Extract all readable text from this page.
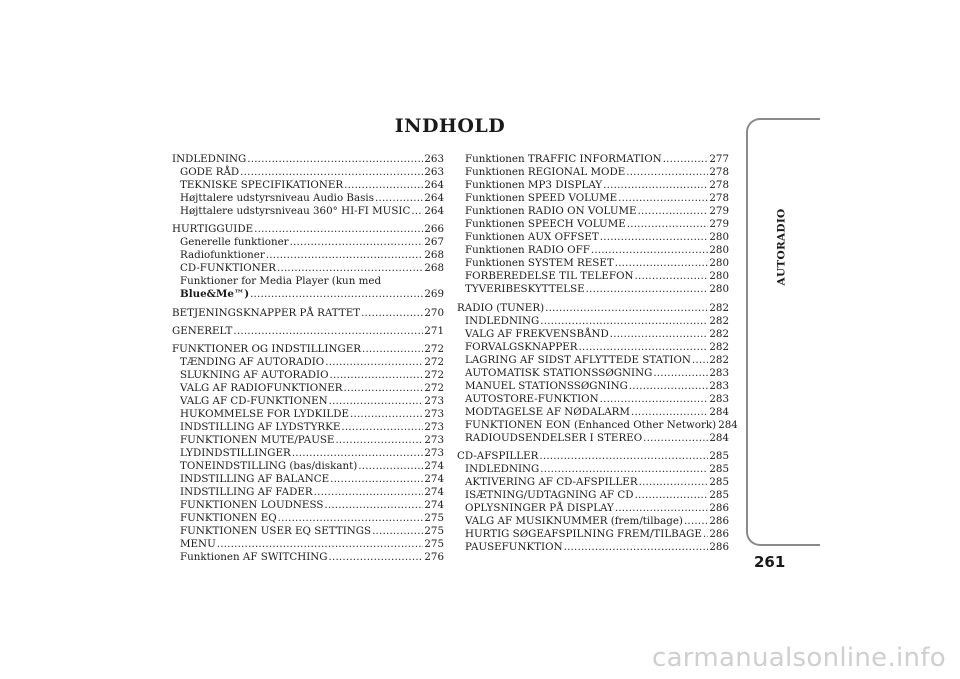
INDHOLD
INDLEDNING .....	263
GODE RÅD .....	263
TEKNISKE SPECIFIKATIONER .....	264
Højttalere udstyrsniveau Audio Basis .....	264
Højttalere udstyrsniveau 360° HI-FI MUSIC ..... 264
HURTIGGUIDE .....	266
Generelle funktioner .....	267
Radiofunktioner .....	268
CD-FUNKTIONER .....	268
Funktioner for Media Player (kun med
Blue&Me™) .....	269
BETJENINGSKNAPPER PÅ RATTET .....	270
GENERELT .....	271
FUNKTIONER OG INDSTILLINGER .....	272
TÆNDING AF AUTORADIO .....	272
SLUKNING AF AUTORADIO .....	272
VALG AF RADIOFUNKTIONER .....	272
VALG AF CD-FUNKTIONEN .....	273
HUKOMMELSE FOR LYDKILDE .....	273
INDSTILLING AF LYDSTYRKE .....	273
FUNKTIONEN MUTE/PAUSE .....	273
LYDINDSTILLINGER .....	273
TONEINDSTILLING (bas/diskant) .....	274
INDSTILLING AF BALANCE .....	274
INDSTILLING AF FADER .....	274
FUNKTIONEN LOUDNESS .....	274
FUNKTIONEN EQ .....	275
FUNKTIONEN USER EQ SETTINGS .....	275
MENU .....	275
Funktionen AF SWITCHING .....	276
Funktionen TRAFFIC INFORMATION .....	277
Funktionen REGIONAL MODE .....	278
Funktionen MP3 DISPLAY .....	278
Funktionen SPEED VOLUME .....	278
Funktionen RADIO ON VOLUME .....	279
Funktionen SPEECH VOLUME .....	279
Funktionen AUX OFFSET .....	280
Funktionen RADIO OFF .....	280
Funktionen SYSTEM RESET .....	280
FORBEREDELSE TIL TELEFON .....	280
TYVERIBESKYTTELSE .....	280
RADIO (TUNER) .....	282
INDLEDNING .....	282
VALG AF FREKVENSBÅND .....	282
FORVALGSKNAPPER .....	282
LAGRING AF SIDST AFLYTTEDE STATION ..... 282
AUTOMATISK STATIONSSØGNING .....	283
MANUEL STATIONSSØGNING .....	283
AUTOSTORE-FUNKTION .....	283
MODTAGELSE AF NØDALARM .....	284
FUNKTIONEN EON (Enhanced Other Network) 284
RADIOUDSENDELSER I STEREO .....	284
CD-AFSPILLER .....	285
INDLEDNING .....	285
AKTIVERING AF CD-AFSPILLER .....	285
ISÆTNING/UDTAGNING AF CD .....	285
OPLYSNINGER PÅ DISPLAY .....	286
VALG AF MUSIKNUMMER (frem/tilbage) .....	286
HURTIG SØGEAFSPILNING FREM/TILBAGE ..... 286
PAUSEFUNKTION .....	286
AUTORADIO
261
carmanualsonline.info
